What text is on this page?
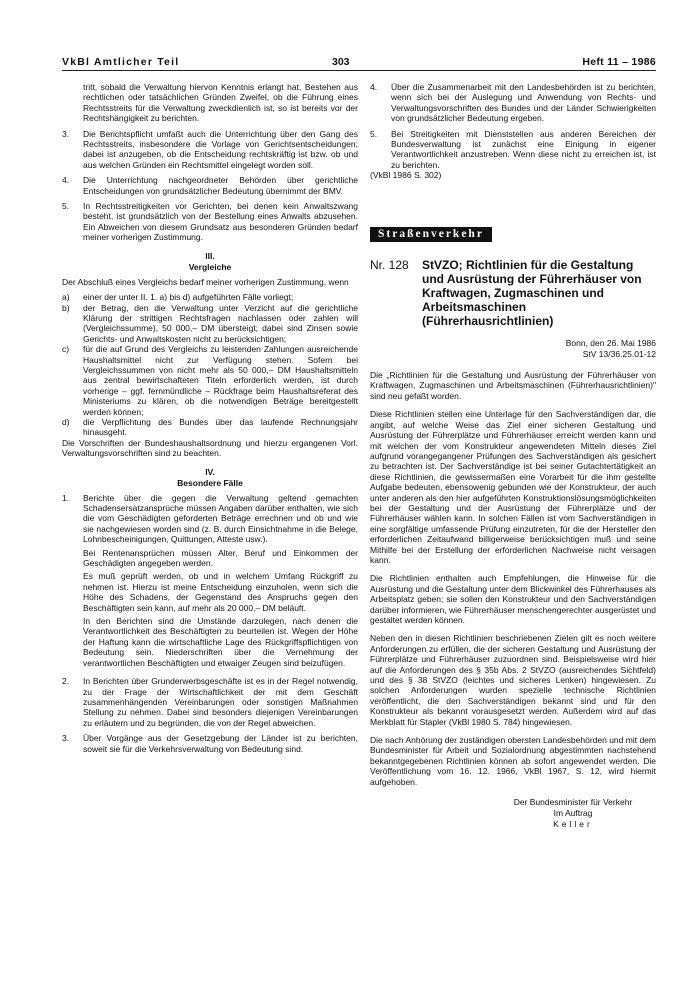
VkBl Amtlicher Teil	303	Heft 11 – 1986

tritt, sobald die Verwaltung hiervon Kenntnis erlangt hat. Bestehen aus rechtlichen oder tatsächlichen Gründen Zweifel, ob die Führung eines Rechtsstreits für die Verwaltung zweckdienlich ist, so ist bereits vor der Rechtshängigkeit zu berichten.

3.	Die Berichtspflicht umfaßt auch die Unterrichtung über den Gang des Rechtsstreits, insbesondere die Vorlage von Gerichtsentscheidungen; dabei ist anzugeben, ob die Entscheidung rechtskräftig ist bzw. ob und aus welchen Gründen ein Rechtsmittel eingelegt worden soll.
4.	Die Unterrichtung nachgeordneter Behörden über gerichtliche Entscheidungen von grundsätzlicher Bedeutung übernimmt der BMV.
5.	In Rechtsstreitigkeiten vor Gerichten, bei denen kein Anwaltszwang besteht, ist grundsätzlich von der Bestellung eines Anwalts abzusehen. Ein Abweichen von diesem Grundsatz aus besonderen Gründen bedarf meiner vorherigen Zustimmung.
III.
Vergleiche

Der Abschluß eines Vergleichs bedarf meiner vorherigen Zustimmung, wenn

a)	einer der unter II. 1. a) bis d) aufgeführten Fälle vorliegt;
b)	der Betrag, den die Verwaltung unter Verzicht auf die gerichtliche Klärung der strittigen Rechtsfragen nachlassen oder zahlen will (Vergleichssumme), 50 000,– DM übersteigt; dabei sind Zinsen sowie Gerichts- und Anwaltskosten nicht zu berücksichtigen;
c)	für die auf Grund des Vergleichs zu leistenden Zahlungen ausreichende Haushaltsmittel nicht zur Verfügung stehen. Sofern bei Vergleichssummen von nicht mehr als 50 000,– DM Haushaltsmitteln aus zentral bewirtschafteten Titeln erforderlich werden, ist durch vorherige – ggf. fernmündliche – Rückfrage beim Haushaltsreferat des Ministeriums zu klären, ob die notwendigen Beträge bereitgestellt werden können;
d)	die Verpflichtung des Bundes über das laufende Rechnungsjahr hinausgeht.

Die Vorschriften der Bundeshaushaltsordnung und hierzu ergangenen Vorl. Verwaltungsvorschriften sind zu beachten.

IV.
Besondere Fälle
1.	Berichte über die gegen die Verwaltung geltend gemachten Schadensersatzansprüche müssen Angaben darüber enthalten, wie sich die vom Geschädigten geforderten Beträge errechnen und ob und wie sie nachgewiesen worden sind (z. B. durch Einsichtnahme in die Belege, Lohnbescheinigungen, Quittungen, Atteste usw.).

Bei Rentenansprüchen müssen Alter, Beruf und Einkommen der Geschädigten angegeben werden.

Es muß geprüft werden, ob und in welchem Umfang Rückgriff zu nehmen ist. Hierzu ist meine Entscheidung einzuholen, wenn sich die Höhe des Schadens, der Gegenstand des Anspruchs gegen den Beschäftigten sein kann, auf mehr als 20 000,– DM beläuft.

In den Berichten sind die Umstände darzulegen, nach denen die Verantwortlichkeit des Beschäftigten zu beurteilen ist. Wegen der Höhe der Haftung kann die wirtschaftliche Lage des Rückgriffspflichtigen von Bedeutung sein. Niederschriften über die Vernehmung der verantwortlichen Beschäftigten und etwaiger Zeugen sind beizufügen.

2.	In Berichten über Grunderwerbsgeschäfte ist es in der Regel notwendig, zu der Frage der Wirtschaftlichkeit der mit dem Geschäft zusammenhängenden Vereinbarungen oder sonstigen Maßnahmen Stellung zu nehmen. Dabei sind besonders diejenigen Vereinbarungen zu erläutern und zu begründen, die von der Regel abweichen.
3.	Über Vorgänge aus der Gesetzgebung der Länder ist zu berichten, soweit sie für die Verkehrsverwaltung von Bedeutung sind.
4.	Über die Zusammenarbeit mit den Landesbehörden ist zu berichten, wenn sich bei der Auslegung und Anwendung von Rechts- und Verwaltungsvorschriften des Bundes und der Länder Schwierigkeiten von grundsätzlicher Bedeutung ergeben.
5.	Bei Streitigkeiten mit Dienststellen aus anderen Bereichen der Bundesverwaltung ist zunächst eine Einigung in eigener Verantwortlichkeit anzustreben. Wenn diese nicht zu erreichen ist, ist zu berichten.

(VkBl 1986 S. 302)

Straßenverkehr
Nr. 128	StVZO; Richtlinien für die Gestaltung und Ausrüstung der Führerhäuser von Kraftwagen, Zugmaschinen und Arbeitsmaschinen (Führerhausrichtlinien)
Bonn, den 26. Mai 1986
StV 13/36.25.01-12

Die „Richtlinien für die Gestaltung und Ausrüstung der Führerhäuser von Kraftwagen, Zugmaschinen und Arbeitsmaschinen (Führerhausrichtlinien)" sind neu gefaßt worden.

Diese Richtlinien stellen eine Unterlage für den Sachverständigen dar, die angibt, auf welche Weise das Ziel einer sicheren Gestaltung und Ausrüstung der Führerplätze und Führerhäuser erreicht werden kann und mit welchen der vom Konstrukteur angewendeten Mitteln dieses Ziel aufgrund vorangegangener Prüfungen des Sachverständigen als gesichert zu betrachten ist. Der Sachverständige ist bei seiner Gutachtertätigkeit an diese Richtlinien, die gewissermaßen eine Vorarbeit für die ihm gestellte Aufgabe bedeuten, ebensowenig gebunden wie der Konstrukteur, der auch unter anderen als den hier aufgeführten Konstruktionslösungsmöglichkeiten bei der Gestaltung und der Ausrüstung der Führerplätze und der Führerhäuser wählen kann. In solchen Fällen ist vom Sachverständigen in eine sorgfältige umfassende Prüfung einzutreten, für die der Hersteller den erforderlichen Zeitaufwand billigerweise berücksichtigen muß und seine Mithilfe bei der Erstellung der erforderlichen Nachweise nicht versagen kann.

Die Richtlinien enthalten auch Empfehlungen, die Hinweise für die Ausrüstung und die Gestaltung unter dem Blickwinkel des Führerhauses als Arbeitsplatz geben; sie sollen den Konstrukteur und den Sachverständigen darüber informieren, wie Führerhäuser menschengerechter ausgerüstet und gestaltet werden können.

Neben den in diesen Richtlinien beschriebenen Zielen gilt es noch weitere Anforderungen zu erfüllen, die der sicheren Gestaltung und Ausrüstung der Führerplätze und Führerhäuser zuzuordnen sind. Beispielsweise wird hier auf die Anforderungen des § 35b Abs. 2 StVZO (ausreichendes Sichtfeld) und des § 38 StVZO (leichtes und sicheres Lenken) hingewiesen. Zu solchen Anforderungen wurden spezielle technische Richtlinien veröffentlicht, die den Sachverständigen bekannt sind und für den Konstrukteur als bekannt vorausgesetzt werden. Außerdem wird auf das Merkblatt für Stapler (VkBl 1980 S. 784) hingewiesen.

Die nach Anhörung der zuständigen obersten Landesbehörden und mit dem Bundesminister für Arbeit und Sozialordnung abgestimmten nachstehend bekanntgegebenen Richtlinien können ab sofort angewendet werden. Die Veröffentlichung vom 16. 12. 1966, VkBl 1967, S. 12, wird hiermit aufgehoben.

Der Bundesminister für Verkehr
Im Auftrag
Keller
